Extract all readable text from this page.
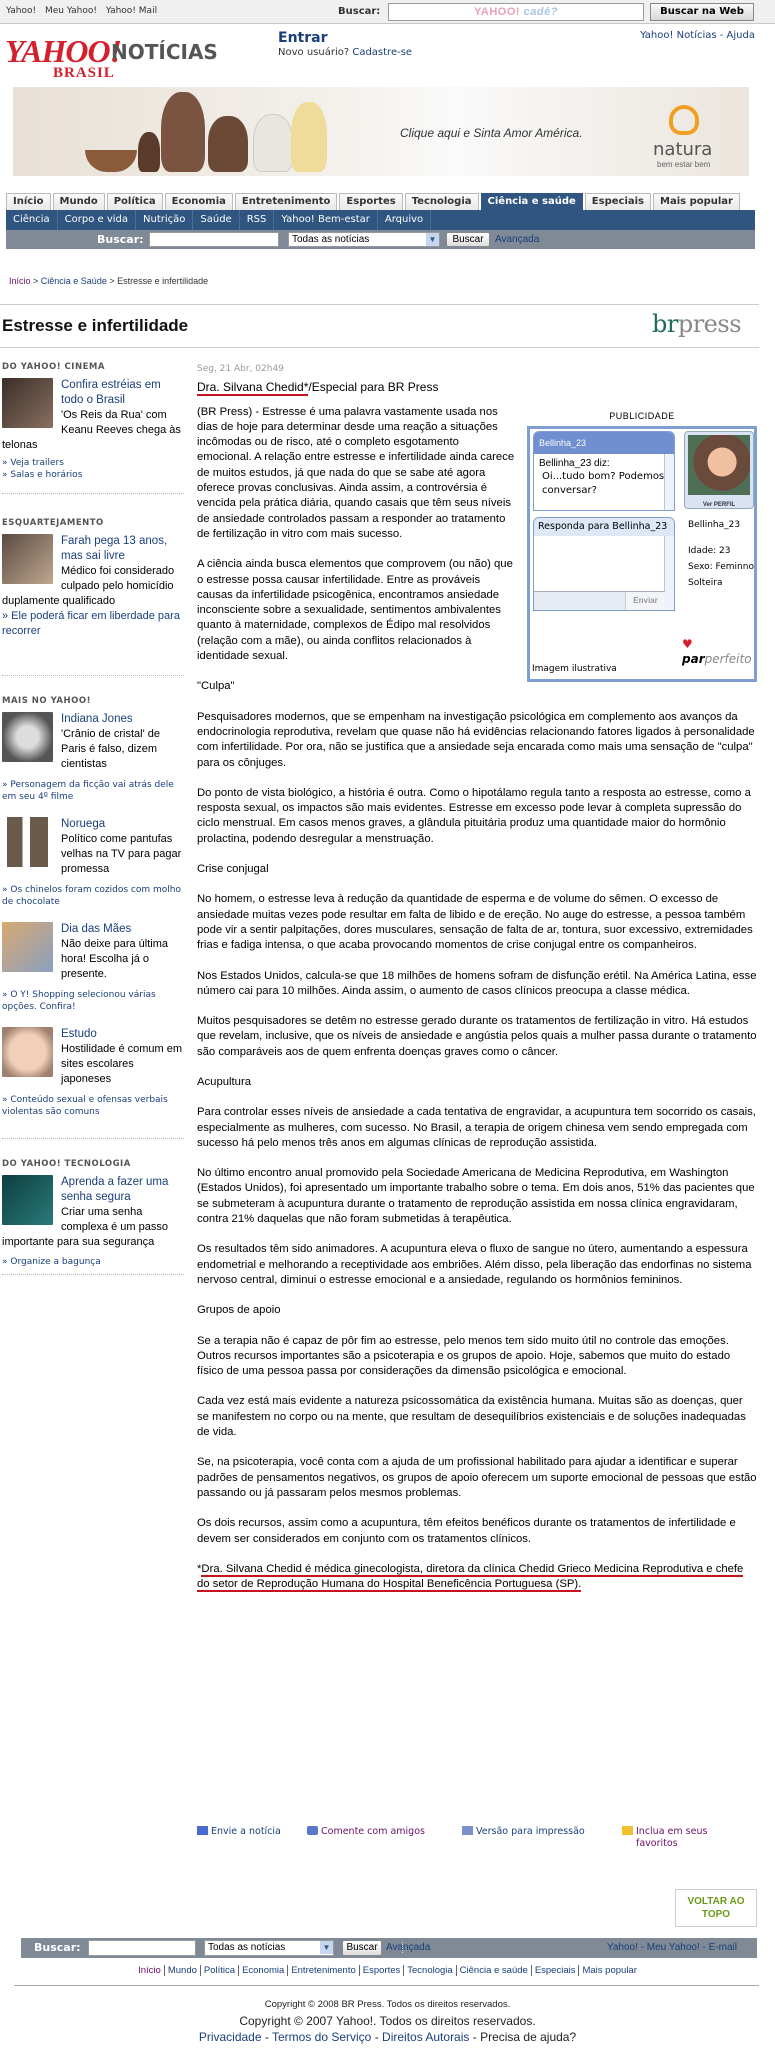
Yahoo! Meu Yahoo! Yahoo! Mail	Buscar:	YAHOO! cadê?	Buscar na Web
YAHOO!
BRASIL
NOTÍCIAS
Entrar
Novo usuário? Cadastre-se
Yahoo! Notícias - Ajuda
Clique aqui e Sinta Amor América.
natura
bem estar bem
Início	Mundo	Política	Economia	Entretenimento	Esportes	Tecnologia	Ciência e saúde	Especiais	Mais popular
Ciência	Corpo e vida	Nutrição	Saúde	RSS	Yahoo! Bem-estar	Arquivo
Buscar:	Todas as notícias	▼	Buscar	Avançada
Início > Ciência e Saúde > Estresse e infertilidade
Estresse e infertilidade	brpress
DO YAHOO! CINEMA
Confira estréias em todo o Brasil
'Os Reis da Rua' com Keanu Reeves chega às telonas
» Veja trailers
» Salas e horários
ESQUARTEJAMENTO
Farah pega 13 anos, mas sai livre
Médico foi considerado culpado pelo homicídio duplamente qualificado
» Ele poderá ficar em liberdade para recorrer
MAIS NO YAHOO!
Indiana Jones
'Crânio de cristal' de Paris é falso, dizem cientistas
» Personagem da ficção vai atrás dele em seu 4º filme
Noruega
Político come pantufas velhas na TV para pagar promessa
» Os chinelos foram cozidos com molho de chocolate
Dia das Mães
Não deixe para última hora! Escolha já o presente.
» O Y! Shopping selecionou várias opções. Confira!
Estudo
Hostilidade é comum em sites escolares japoneses
» Conteúdo sexual e ofensas verbais violentas são comuns
DO YAHOO! TECNOLOGIA
Aprenda a fazer uma senha segura
Criar uma senha complexa é um passo importante para sua segurança
» Organize a bagunça
Seg, 21 Abr, 02h49
Dra. Silvana Chedid*/Especial para BR Press
PUBLICIDADE
Bellinha_23
Bellinha_23 diz:
Oi...tudo bom? Podemos conversar?
Responda para Bellinha_23
Enviar
Ver PERFIL
Bellinha_23
Idade: 23
Sexo: Feminno
Solteira
♥ parperfeito
Imagem ilustrativa

(BR Press) - Estresse é uma palavra vastamente usada nos dias de hoje para determinar desde uma reação a situações incômodas ou de risco, até o completo esgotamento emocional. A relação entre estresse e infertilidade ainda carece de muitos estudos, já que nada do que se sabe até agora oferece provas conclusivas. Ainda assim, a controvérsia é vencida pela prática diária, quando casais que têm seus níveis de ansiedade controlados passam a responder ao tratamento de fertilização in vitro com mais sucesso.

A ciência ainda busca elementos que comprovem (ou não) que o estresse possa causar infertilidade. Entre as prováveis causas da infertilidade psicogênica, encontramos ansiedade inconsciente sobre a sexualidade, sentimentos ambivalentes quanto à maternidade, complexos de Édipo mal resolvidos (relação com a mãe), ou ainda conflitos relacionados à identidade sexual.

"Culpa"

Pesquisadores modernos, que se empenham na investigação psicológica em complemento aos avanços da endocrinologia reprodutiva, revelam que quase não há evidências relacionando fatores ligados à personalidade com infertilidade. Por ora, não se justifica que a ansiedade seja encarada como mais uma sensação de "culpa" para os cônjuges.

Do ponto de vista biológico, a história é outra. Como o hipotálamo regula tanto a resposta ao estresse, como a resposta sexual, os impactos são mais evidentes. Estresse em excesso pode levar à completa supressão do ciclo menstrual. Em casos menos graves, a glândula pituitária produz uma quantidade maior do hormônio prolactina, podendo desregular a menstruação.

Crise conjugal

No homem, o estresse leva à redução da quantidade de esperma e de volume do sêmen. O excesso de ansiedade muitas vezes pode resultar em falta de libido e de ereção. No auge do estresse, a pessoa também pode vir a sentir palpitações, dores musculares, sensação de falta de ar, tontura, suor excessivo, extremidades frias e fadiga intensa, o que acaba provocando momentos de crise conjugal entre os companheiros.

Nos Estados Unidos, calcula-se que 18 milhões de homens sofram de disfunção erétil. Na América Latina, esse número cai para 10 milhões. Ainda assim, o aumento de casos clínicos preocupa a classe médica.

Muitos pesquisadores se detêm no estresse gerado durante os tratamentos de fertilização in vitro. Há estudos que revelam, inclusive, que os níveis de ansiedade e angústia pelos quais a mulher passa durante o tratamento são comparáveis aos de quem enfrenta doenças graves como o câncer.

Acupultura

Para controlar esses níveis de ansiedade a cada tentativa de engravidar, a acupuntura tem socorrido os casais, especialmente as mulheres, com sucesso. No Brasil, a terapia de origem chinesa vem sendo empregada com sucesso há pelo menos três anos em algumas clínicas de reprodução assistida.

No último encontro anual promovido pela Sociedade Americana de Medicina Reprodutiva, em Washington (Estados Unidos), foi apresentado um importante trabalho sobre o tema. Em dois anos, 51% das pacientes que se submeteram à acupuntura durante o tratamento de reprodução assistida em nossa clínica engravidaram, contra 21% daquelas que não foram submetidas à terapêutica.

Os resultados têm sido animadores. A acupuntura eleva o fluxo de sangue no útero, aumentando a espessura endometrial e melhorando a receptividade aos embriões. Além disso, pela liberação das endorfinas no sistema nervoso central, diminui o estresse emocional e a ansiedade, regulando os hormônios femininos.

Grupos de apoio

Se a terapia não é capaz de pôr fim ao estresse, pelo menos tem sido muito útil no controle das emoções. Outros recursos importantes são a psicoterapia e os grupos de apoio. Hoje, sabemos que muito do estado físico de uma pessoa passa por considerações da dimensão psicológica e emocional.

Cada vez está mais evidente a natureza psicossomática da existência humana. Muitas são as doenças, quer se manifestem no corpo ou na mente, que resultam de desequilíbrios existenciais e de soluções inadequadas de vida.

Se, na psicoterapia, você conta com a ajuda de um profissional habilitado para ajudar a identificar e superar padrões de pensamentos negativos, os grupos de apoio oferecem um suporte emocional de pessoas que estão passando ou já passaram pelos mesmos problemas.

Os dois recursos, assim como a acupuntura, têm efeitos benéficos durante os tratamentos de infertilidade e devem ser considerados em conjunto com os tratamentos clínicos.

*Dra. Silvana Chedid é médica ginecologista, diretora da clínica Chedid Grieco Medicina Reprodutiva e chefe do setor de Reprodução Humana do Hospital Beneficência Portuguesa (SP).

Envie a notícia	Comente com amigos	Versão para impressão	Inclua em seus
favoritos
VOLTAR AO
TOPO
Buscar:	Todas as notícias	▼	Buscar Avançada	Yahoo! - Meu Yahoo! - E-mail
Início Mundo Política Economia Entretenimento Esportes Tecnologia Ciência e saúde Especiais Mais popular
Copyright © 2008 BR Press. Todos os direitos reservados.
Copyright © 2007 Yahoo!. Todos os direitos reservados.
Privacidade - Termos do Serviço - Direitos Autorais - Precisa de ajuda?
